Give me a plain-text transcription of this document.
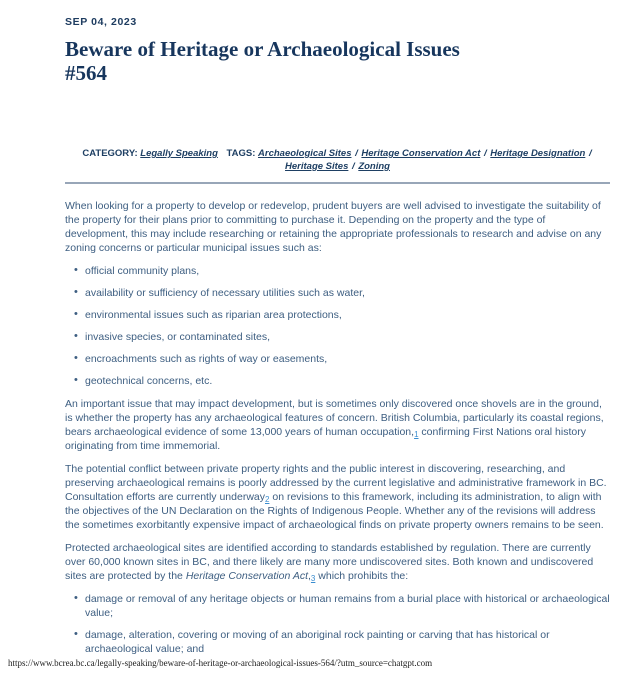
SEP 04, 2023
Beware of Heritage or Archaeological Issues
#564
CATEGORY: Legally Speaking TAGS: Archaeological Sites / Heritage Conservation Act / Heritage Designation / Heritage Sites / Zoning

When looking for a property to develop or redevelop, prudent buyers are well advised to investigate the suitability of the property for their plans prior to committing to purchase it. Depending on the property and the type of development, this may include researching or retaining the appropriate professionals to research and advise on any zoning concerns or particular municipal issues such as:

• official community plans,
• availability or sufficiency of necessary utilities such as water,
• environmental issues such as riparian area protections,
• invasive species, or contaminated sites,
• encroachments such as rights of way or easements,
• geotechnical concerns, etc.

An important issue that may impact development, but is sometimes only discovered once shovels are in the ground, is whether the property has any archaeological features of concern. British Columbia, particularly its coastal regions, bears archaeological evidence of some 13,000 years of human $occupation,_1$ confirming First Nations oral history originating from time immemorial.

The potential conflict between private property rights and the public interest in discovering, researching, and preserving archaeological remains is poorly addressed by the current legislative and administrative framework in BC. Consultation efforts are currently underway$_2$ on revisions to this framework, including its administration, to align with the objectives of the UN Declaration on the Rights of Indigenous People. Whether any of the revisions will address the sometimes exorbitantly expensive impact of archaeological finds on private property owners remains to be seen.

Protected archaeological sites are identified according to standards established by regulation. There are currently over 60,000 known sites in BC, and there likely are many more undiscovered sites. Both known and undiscovered sites are protected by the Heritage Conservation $Act,_3$ which prohibits the:

• damage or removal of any heritage objects or human remains from a burial place with historical or archaeological value;
• damage, alteration, covering or moving of an aboriginal rock painting or carving that has historical or archaeological value; and
https://www.bcrea.bc.ca/legally-speaking/beware-of-heritage-or-archaeological-issues-564/?utm_source=chatgpt.com
